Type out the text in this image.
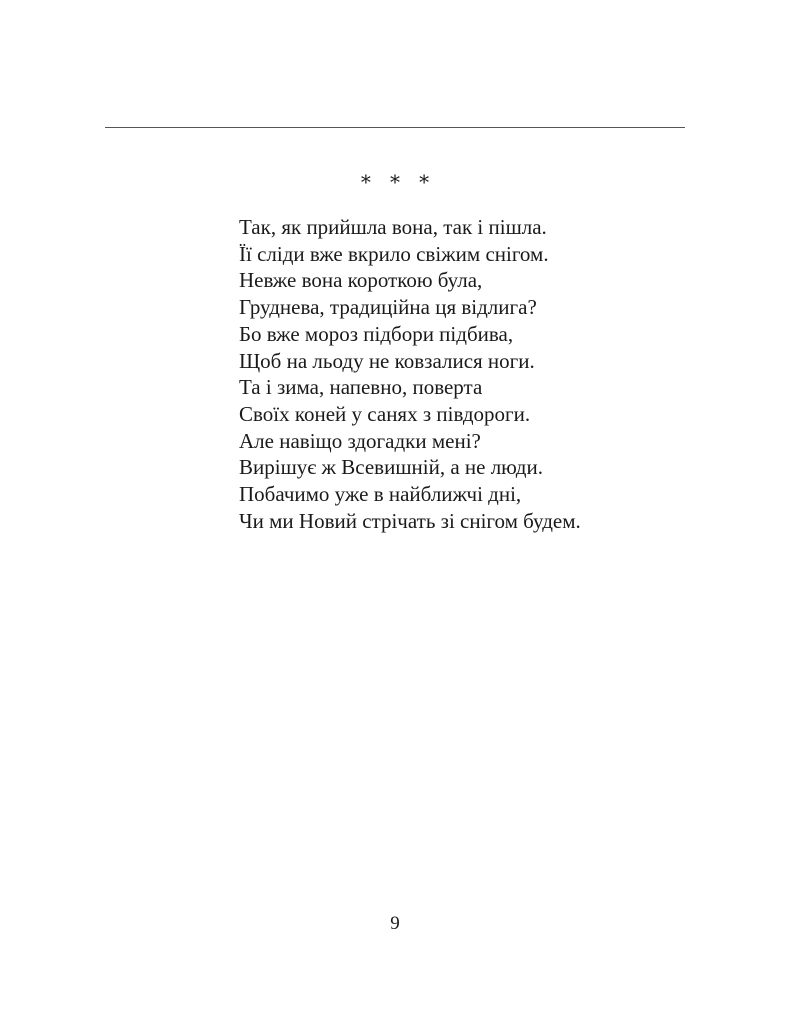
*   *   *
Так, як прийшла вона, так і пішла.
Її сліди вже вкрило свіжим снігом.
Невже вона короткою була,
Груднева, традиційна ця відлига?
Бо вже мороз підбори підбива,
Щоб на льоду не ковзалися ноги.
Та і зима, напевно, поверта
Своїх коней у санях з півдороги.
Але навіщо здогадки мені?
Вирішує ж Всевишній, а не люди.
Побачимо уже в найближчі дні,
Чи ми Новий стрічать зі снігом будем.
9
